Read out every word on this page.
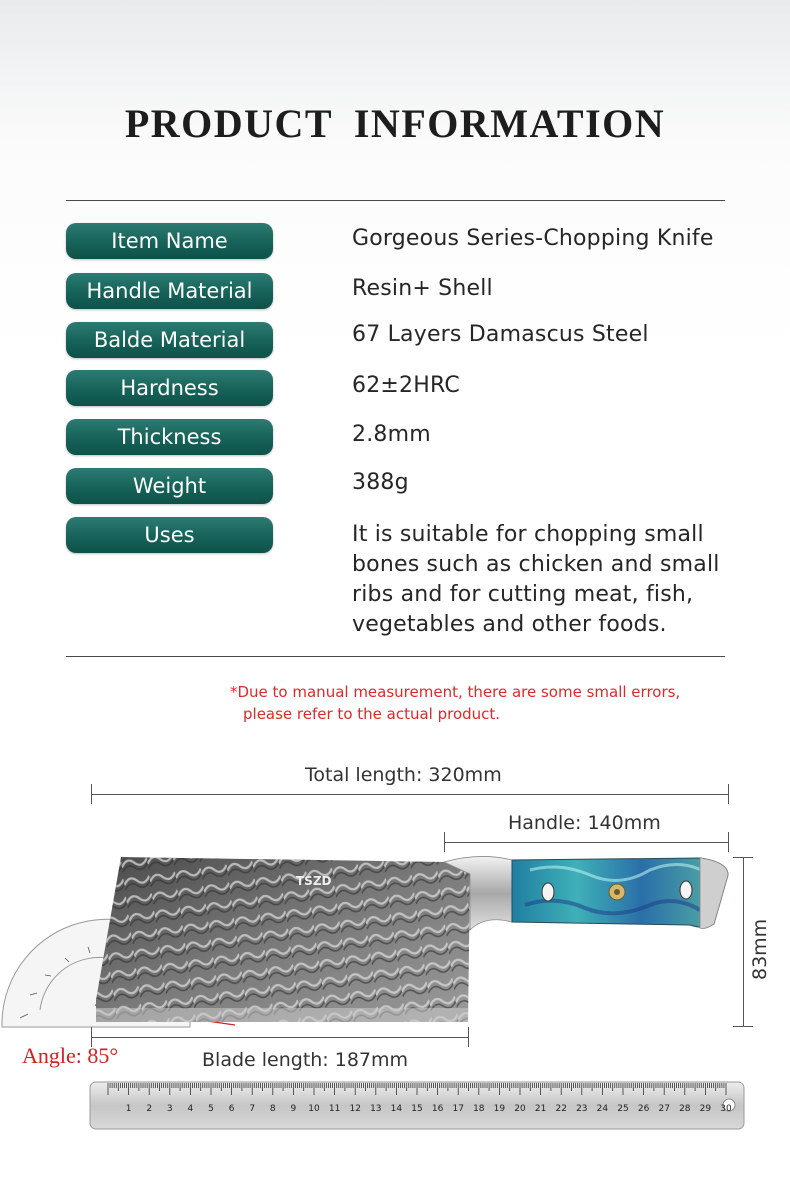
PRODUCT INFORMATION
Item Name	Gorgeous Series-Chopping Knife
Handle Material	Resin+ Shell
Balde Material	67 Layers Damascus Steel
Hardness	62±2HRC
Thickness	2.8mm
Weight	388g
Uses	It is suitable for chopping small
bones such as chicken and small
ribs and for cutting meat, fish,
vegetables and other foods.
*Due to manual measurement, there are some small errors,
please refer to the actual product.
Total length: 320mm
Handle: 140mm
83mm
Blade length: 187mm
Angle: 85°
TSZD
1 2 3 4 5 6 7 8 9 10 11 12 13 14 15 16 17 18 19 20 21 22 23 24 25 26 27 28 29 30
